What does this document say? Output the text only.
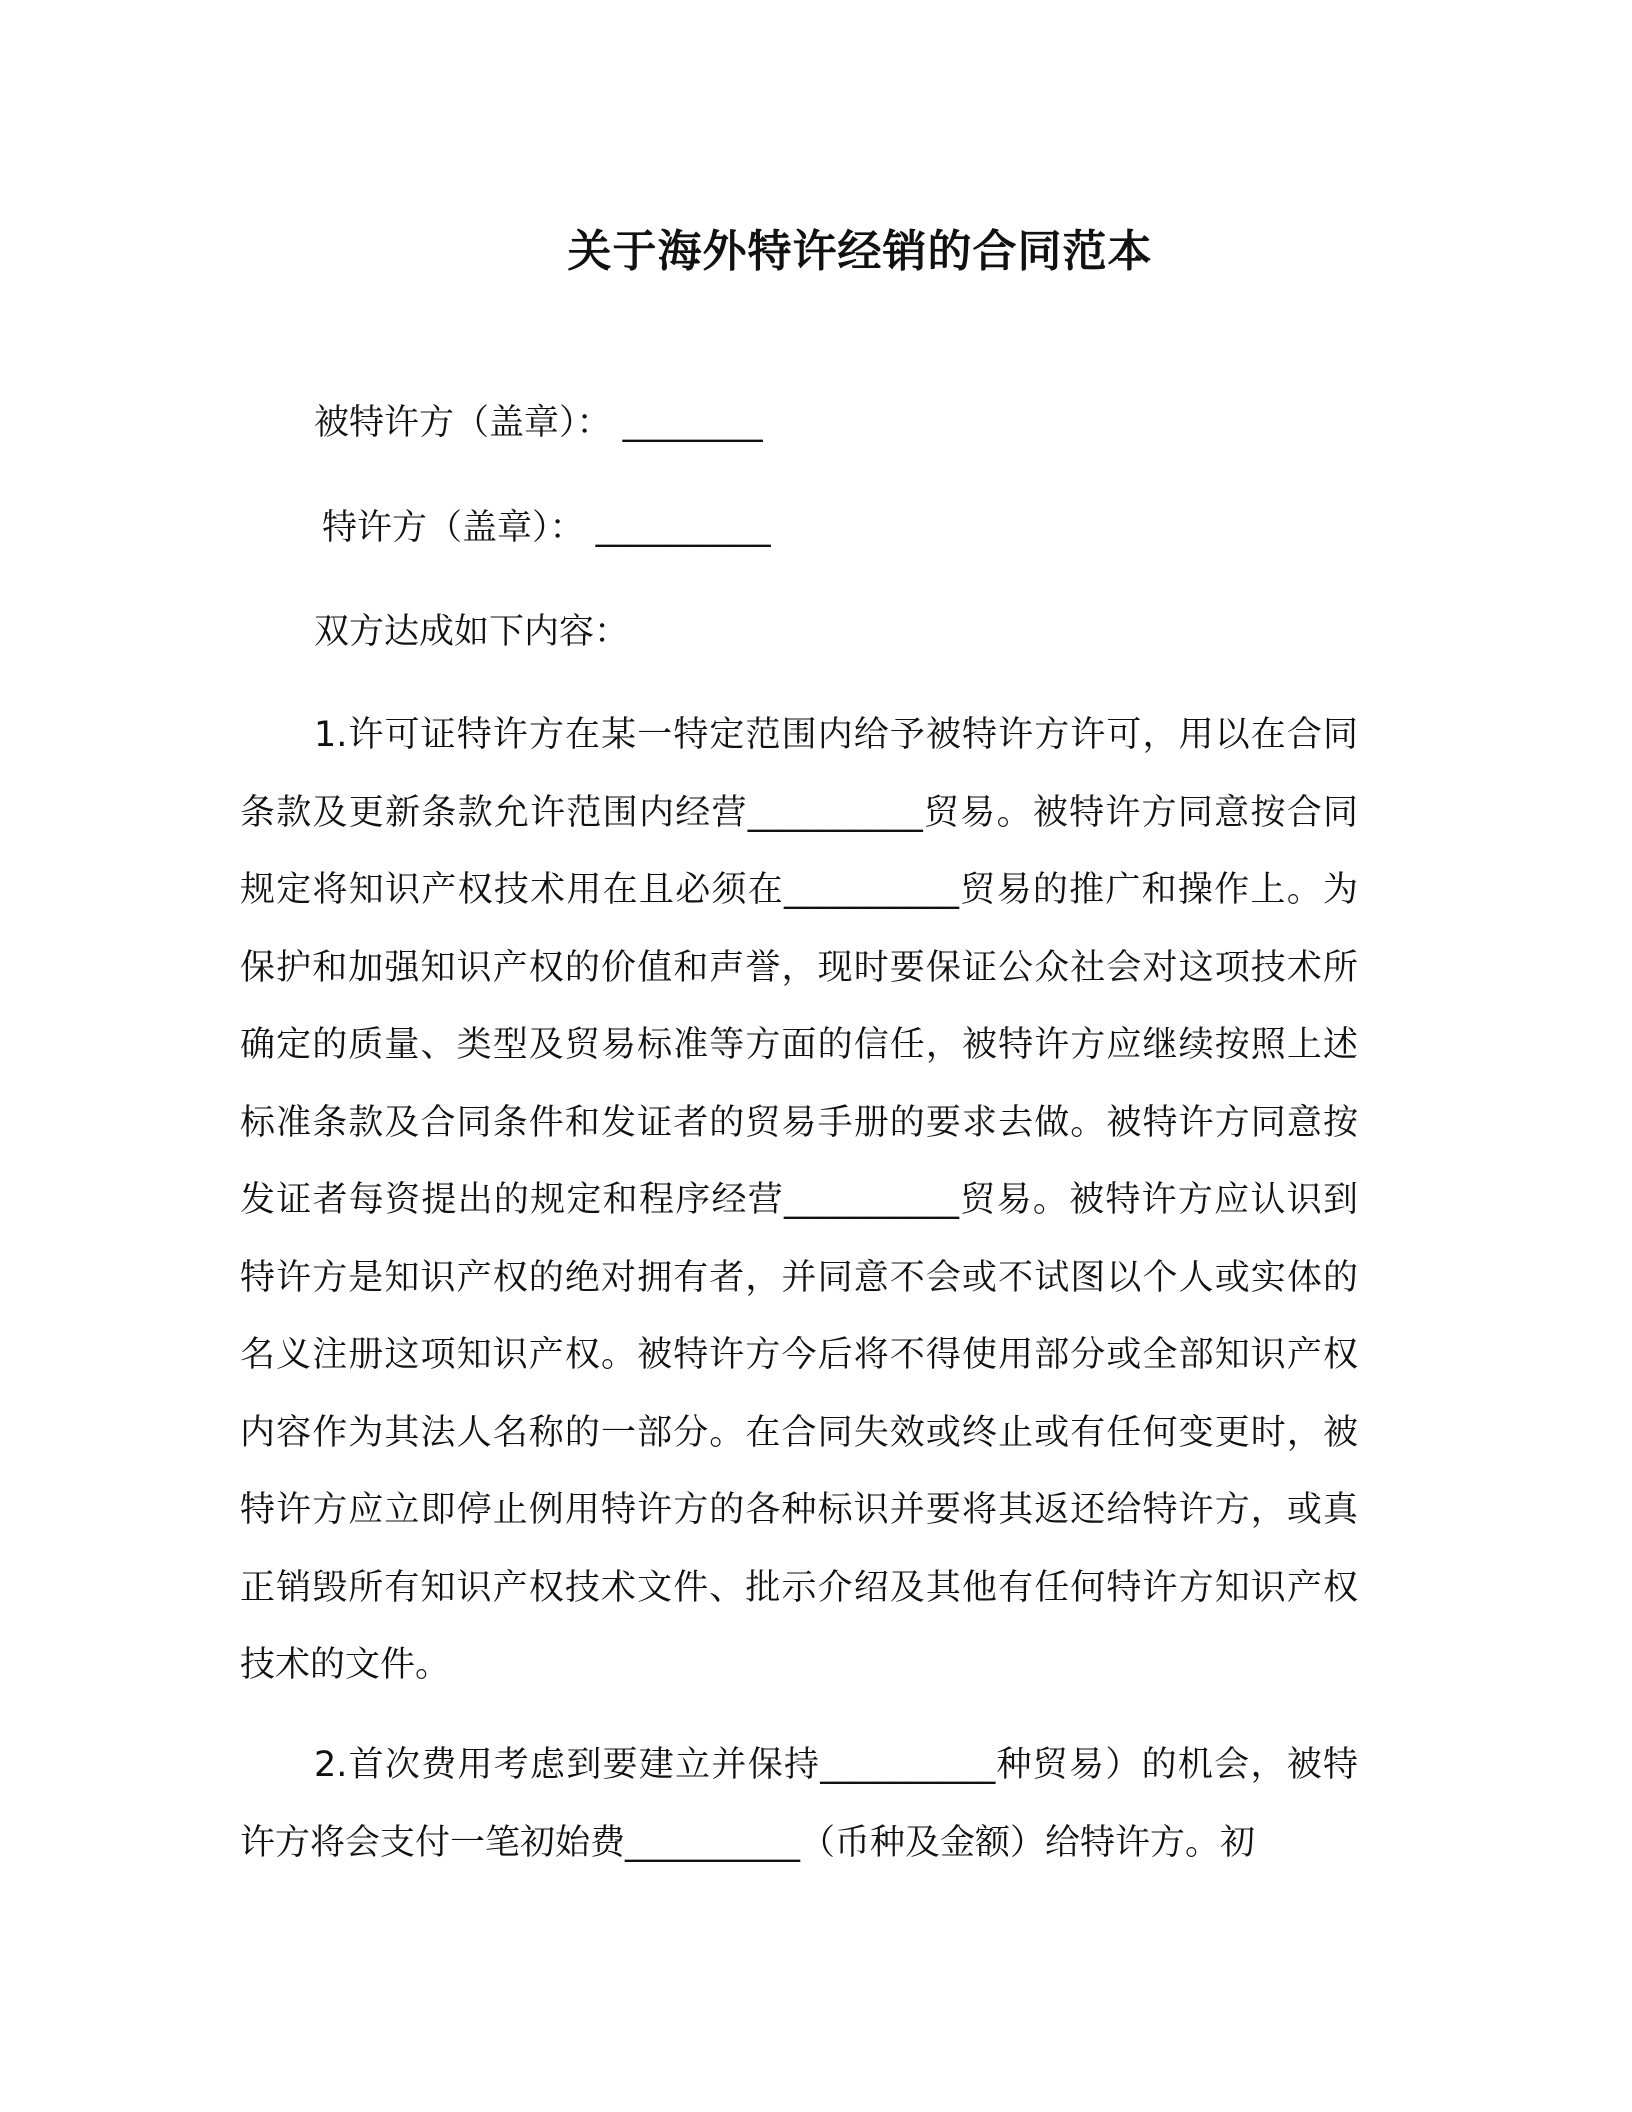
关于海外特许经销的合同范本
被特许方（盖章）： ________
特许方（盖章）： __________
双方达成如下内容：

1.许可证特许方在某一特定范围内给予被特许方许可，用以在合同条款及更新条款允许范围内经营__________贸易。被特许方同意按合同规定将知识产权技术用在且必须在__________贸易的推广和操作上。为保护和加强知识产权的价值和声誉，现时要保证公众社会对这项技术所确定的质量、类型及贸易标准等方面的信任，被特许方应继续按照上述标准条款及合同条件和发证者的贸易手册的要求去做。被特许方同意按发证者每资提出的规定和程序经营__________贸易。被特许方应认识到特许方是知识产权的绝对拥有者，并同意不会或不试图以个人或实体的名义注册这项知识产权。被特许方今后将不得使用部分或全部知识产权内容作为其法人名称的一部分。在合同失效或终止或有任何变更时，被特许方应立即停止例用特许方的各种标识并要将其返还给特许方，或真正销毁所有知识产权技术文件、批示介绍及其他有任何特许方知识产权技术的文件。

2.首次费用考虑到要建立并保持__________种贸易）的机会，被特许方将会支付一笔初始费__________（币种及金额）给特许方。初
